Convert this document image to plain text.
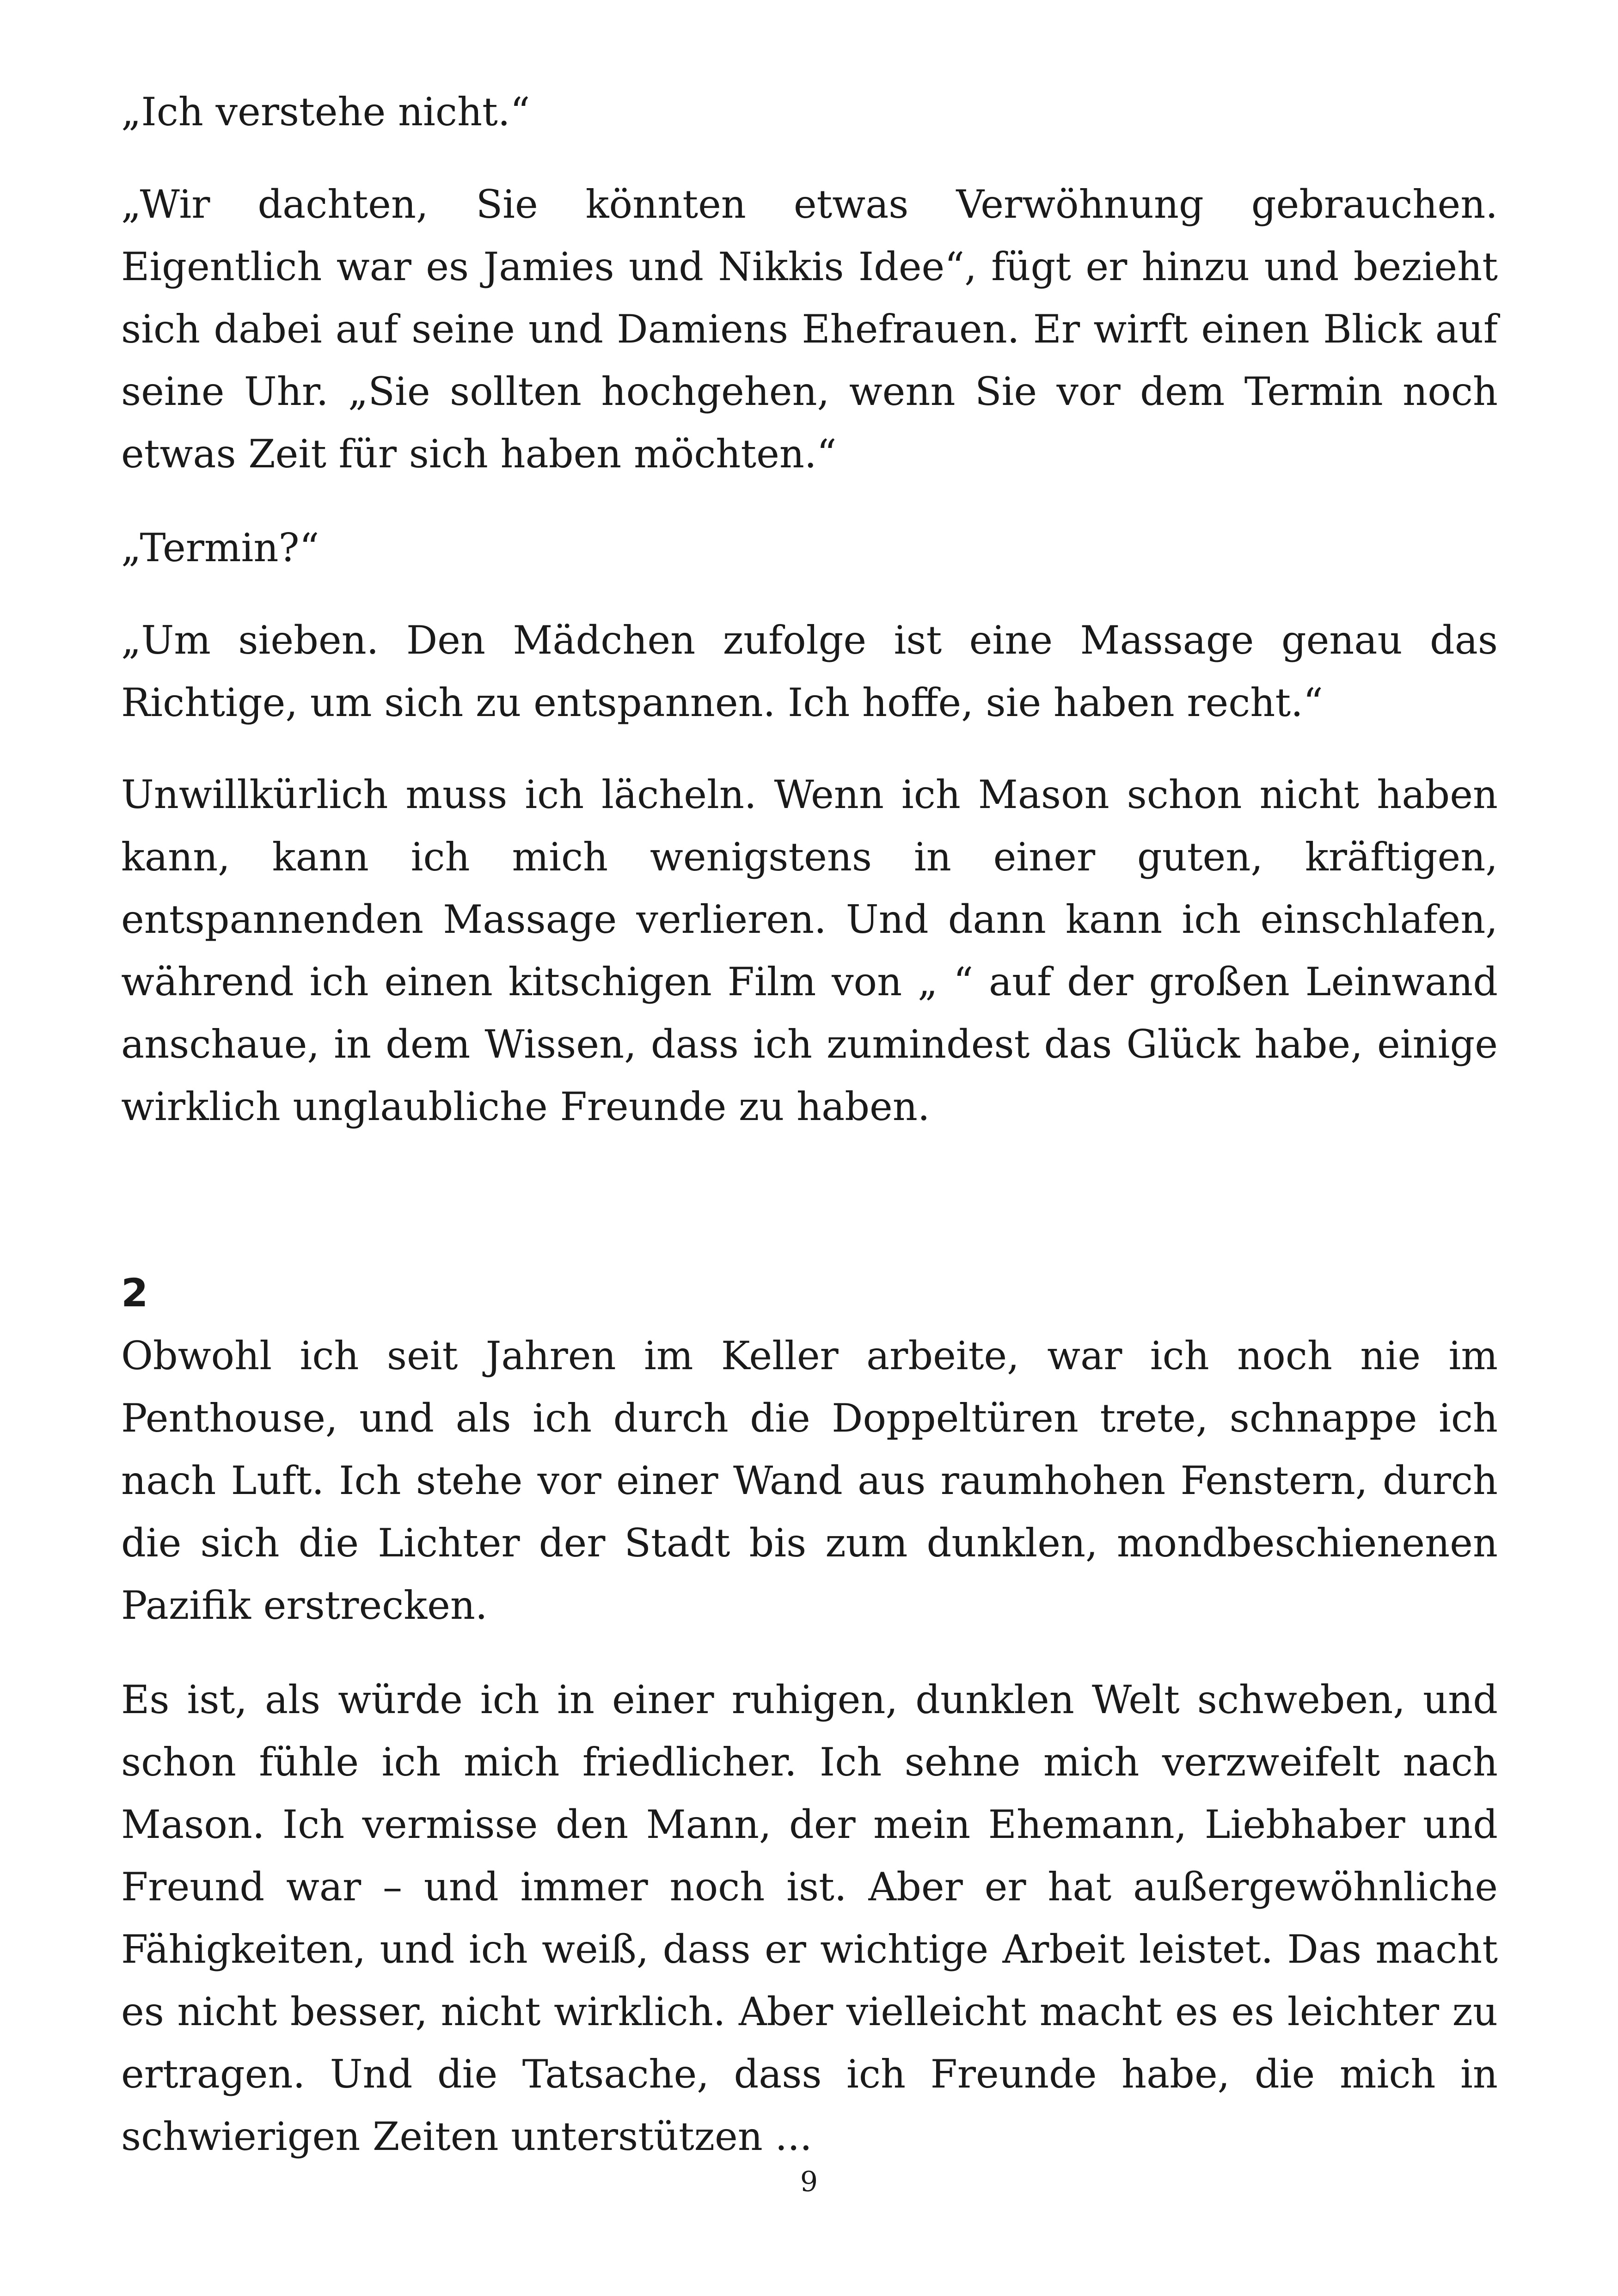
„Ich verstehe nicht.“

„Wir dachten, Sie könnten etwas Verwöhnung gebrauchen. Eigentlich war es Jamies und Nikkis Idee“, fügt er hinzu und bezieht sich dabei auf seine und Damiens Ehefrauen. Er wirft einen Blick auf seine Uhr. „Sie sollten hochgehen, wenn Sie vor dem Termin noch etwas Zeit für sich haben möchten.“

„Termin?“

„Um sieben. Den Mädchen zufolge ist eine Massage genau das Richtige, um sich zu entspannen. Ich hoffe, sie haben recht.“

Unwillkürlich muss ich lächeln. Wenn ich Mason schon nicht haben kann, kann ich mich wenigstens in einer guten, kräftigen, entspannenden Massage verlieren. Und dann kann ich einschlafen, während ich einen kitschigen Film von „ “ auf der großen Leinwand anschaue, in dem Wissen, dass ich zumindest das Glück habe, einige wirklich unglaubliche Freunde zu haben.

2

Obwohl ich seit Jahren im Keller arbeite, war ich noch nie im Penthouse, und als ich durch die Doppeltüren trete, schnappe ich nach Luft. Ich stehe vor einer Wand aus raumhohen Fenstern, durch die sich die Lichter der Stadt bis zum dunklen, mondbeschienenen Pazifik erstrecken.

Es ist, als würde ich in einer ruhigen, dunklen Welt schweben, und schon fühle ich mich friedlicher. Ich sehne mich verzweifelt nach Mason. Ich vermisse den Mann, der mein Ehemann, Liebhaber und Freund war – und immer noch ist. Aber er hat außergewöhnliche Fähigkeiten, und ich weiß, dass er wichtige Arbeit leistet. Das macht es nicht besser, nicht wirklich. Aber vielleicht macht es es leichter zu ertragen. Und die Tatsache, dass ich Freunde habe, die mich in schwierigen Zeiten unterstützen ...

9
